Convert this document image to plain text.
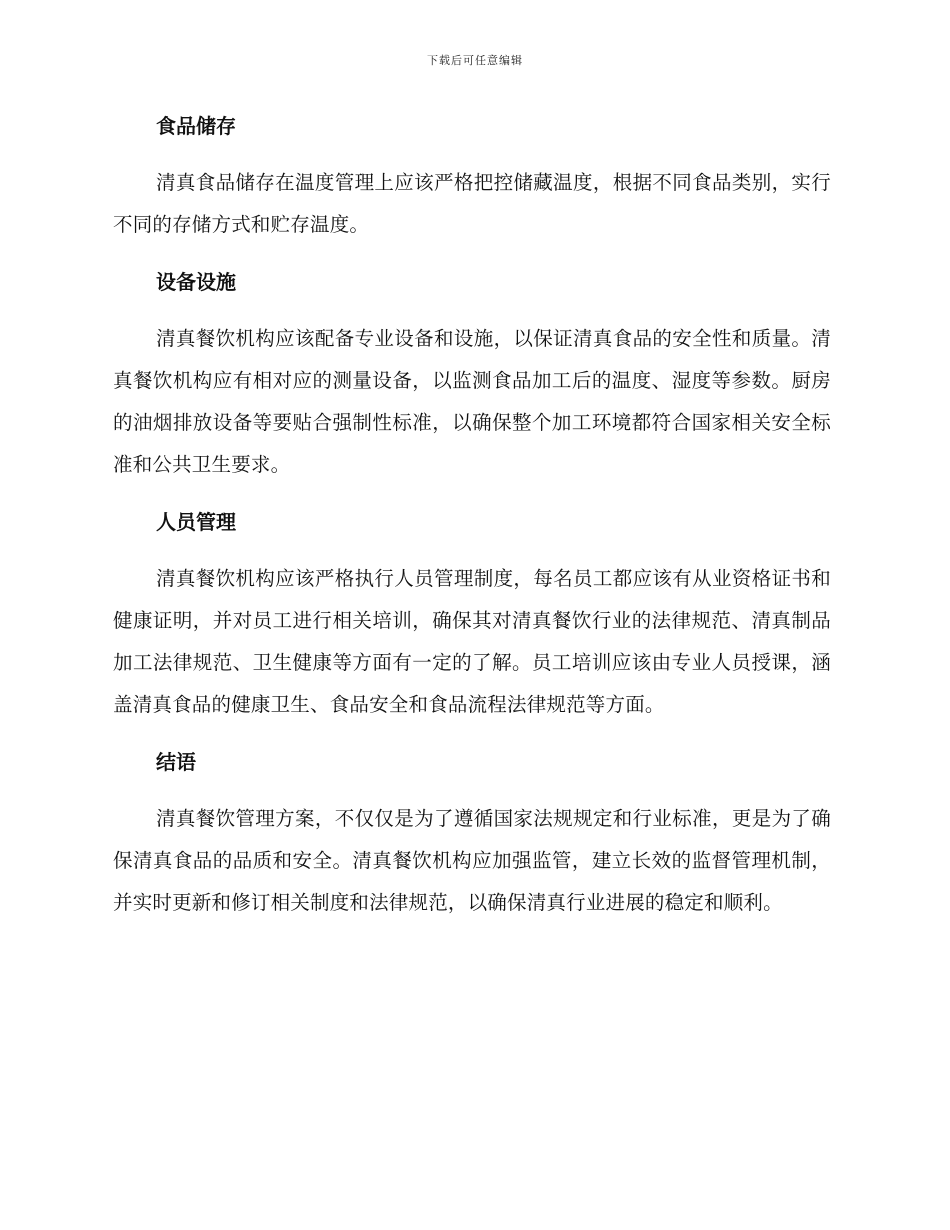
下载后可任意编辑
食品储存

清真食品储存在温度管理上应该严格把控储藏温度，根据不同食品类别，实行不同的存储方式和贮存温度。

设备设施

清真餐饮机构应该配备专业设备和设施，以保证清真食品的安全性和质量。清真餐饮机构应有相对应的测量设备，以监测食品加工后的温度、湿度等参数。厨房的油烟排放设备等要贴合强制性标准，以确保整个加工环境都符合国家相关安全标准和公共卫生要求。

人员管理

清真餐饮机构应该严格执行人员管理制度，每名员工都应该有从业资格证书和健康证明，并对员工进行相关培训，确保其对清真餐饮行业的法律规范、清真制品加工法律规范、卫生健康等方面有一定的了解。员工培训应该由专业人员授课，涵盖清真食品的健康卫生、食品安全和食品流程法律规范等方面。

结语

清真餐饮管理方案，不仅仅是为了遵循国家法规规定和行业标准，更是为了确保清真食品的品质和安全。清真餐饮机构应加强监管，建立长效的监督管理机制，并实时更新和修订相关制度和法律规范，以确保清真行业进展的稳定和顺利。
